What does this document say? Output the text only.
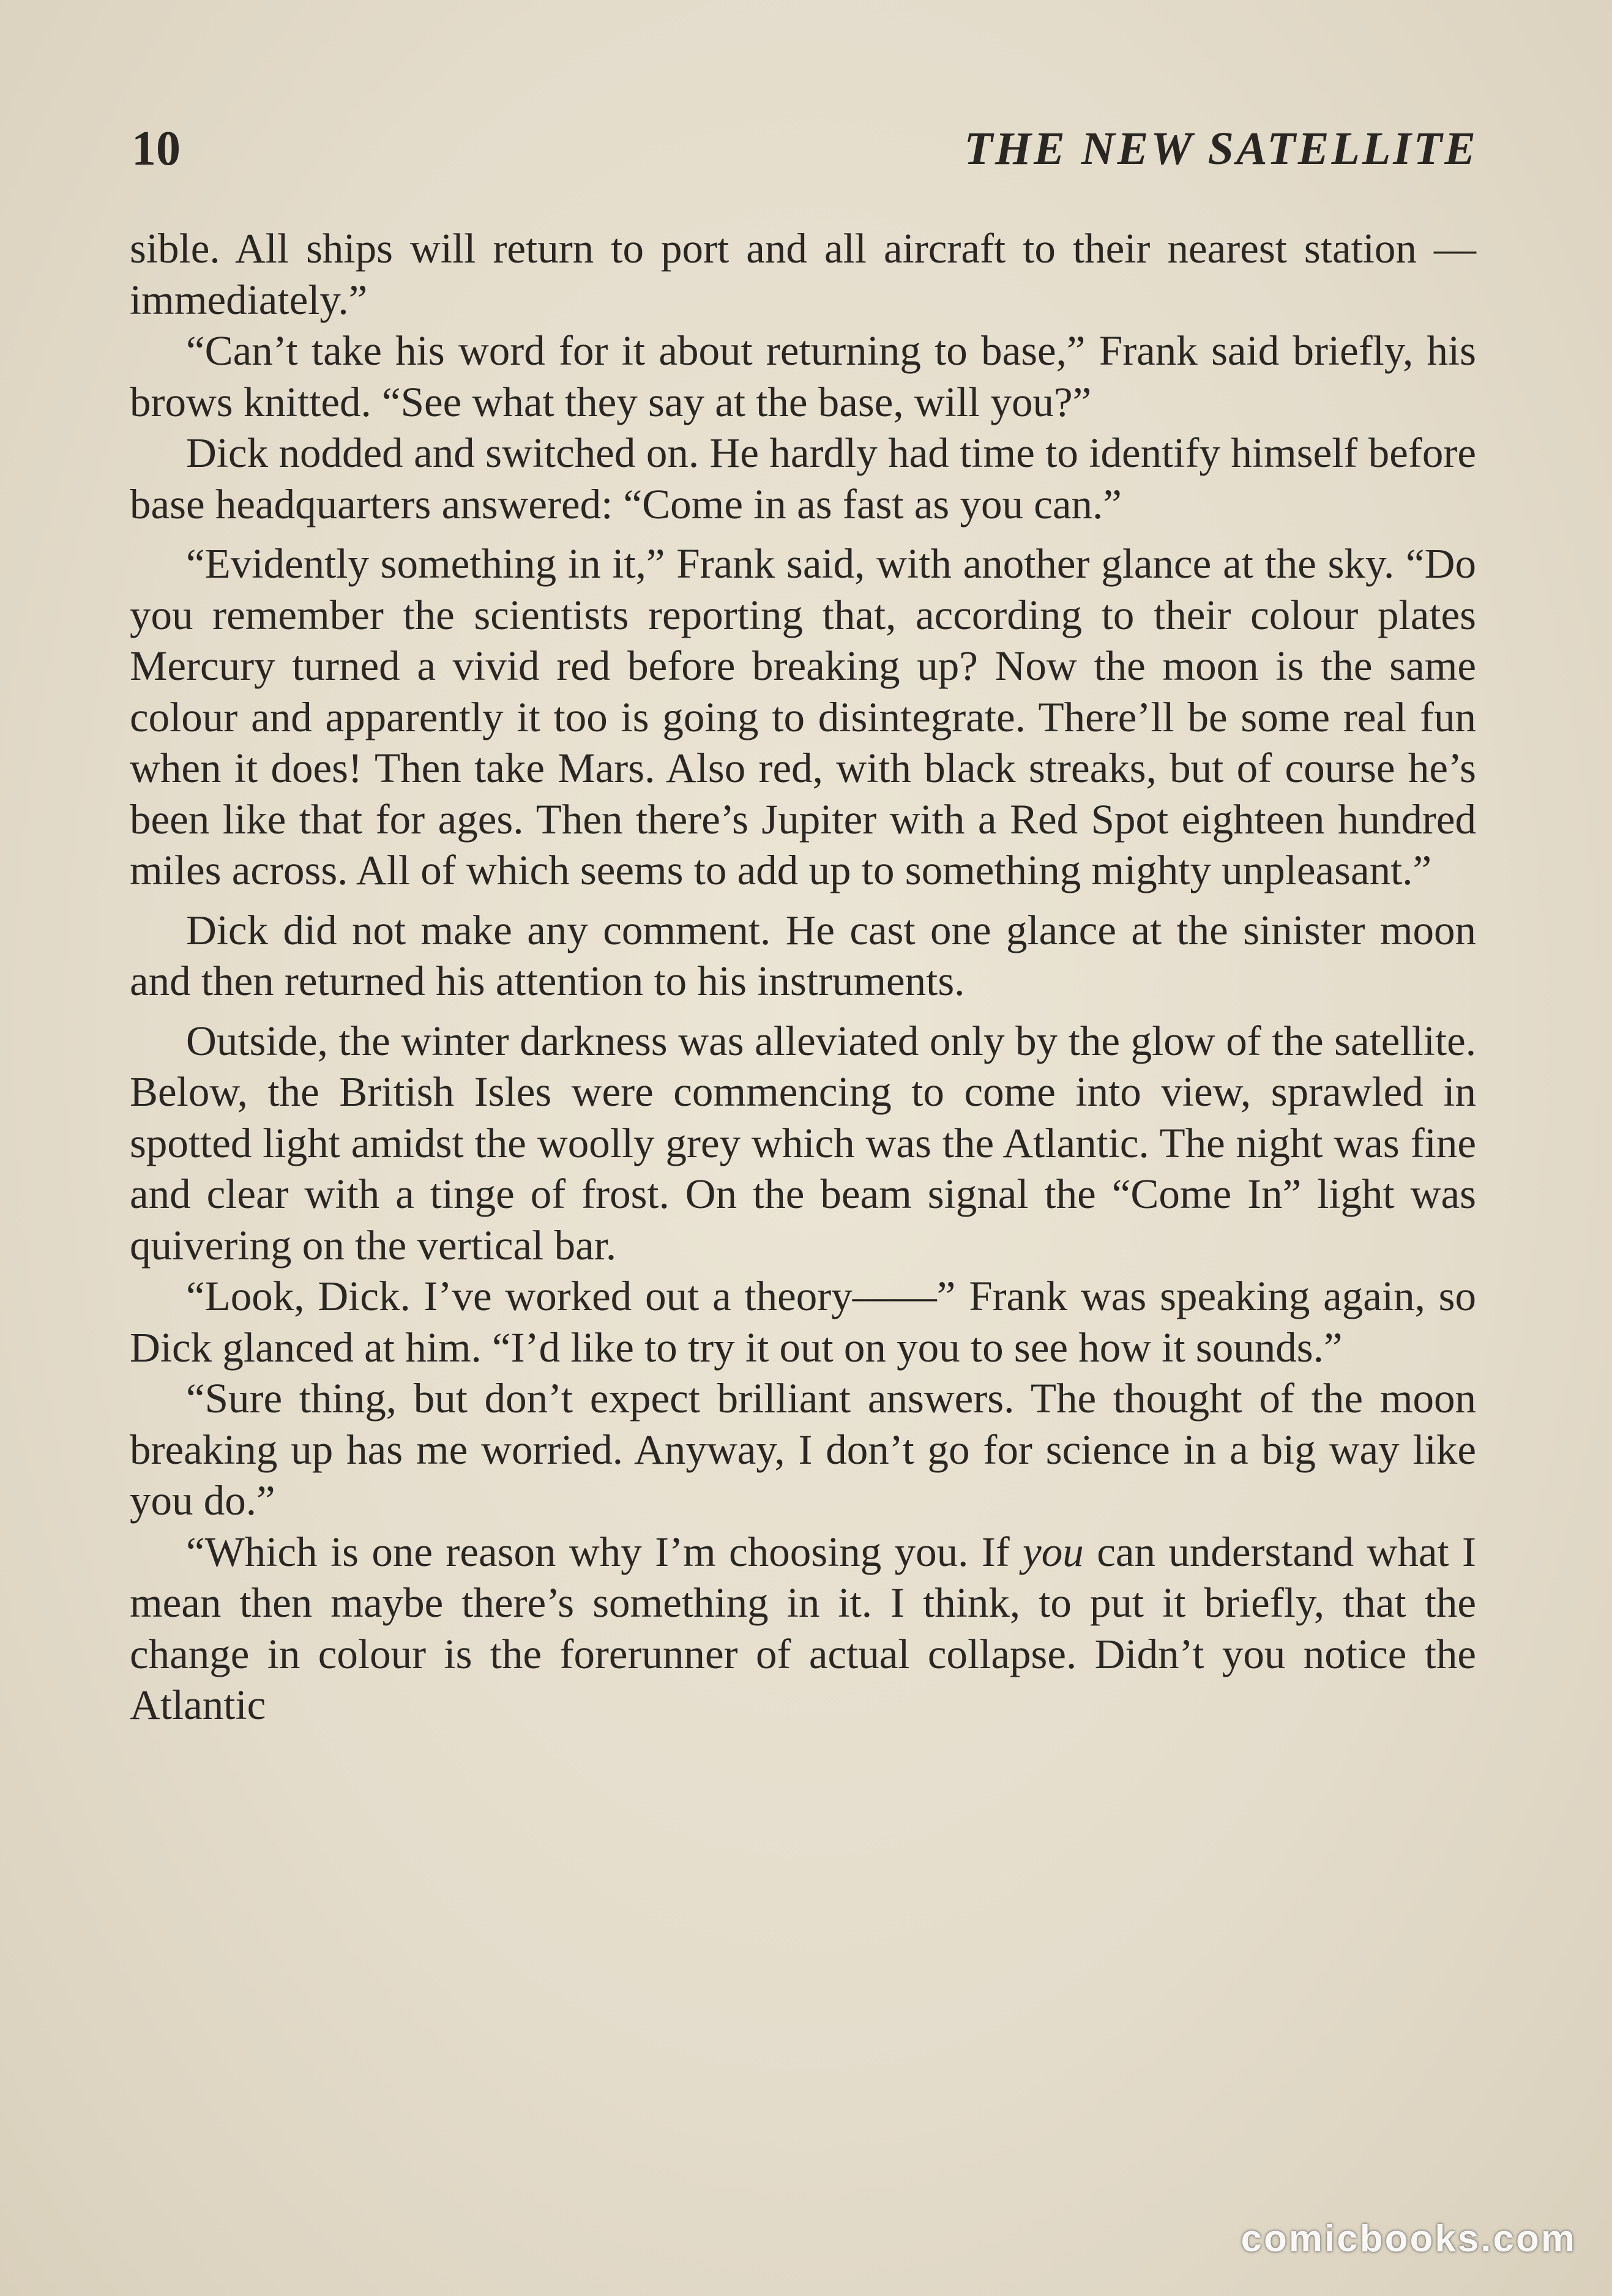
10	THE NEW SATELLITE

sible. All ships will return to port and all aircraft to their nearest station — immediately.”

“Can’t take his word for it about returning to base,” Frank said briefly, his brows knitted. “See what they say at the base, will you?”

Dick nodded and switched on. He hardly had time to identify himself before base headquarters answered: “Come in as fast as you can.”

“Evidently something in it,” Frank said, with another glance at the sky. “Do you remember the scientists reporting that, according to their colour plates Mercury turned a vivid red before breaking up? Now the moon is the same colour and apparently it too is going to disintegrate. There’ll be some real fun when it does! Then take Mars. Also red, with black streaks, but of course he’s been like that for ages. Then there’s Jupiter with a Red Spot eighteen hundred miles across. All of which seems to add up to something mighty unpleasant.”

Dick did not make any comment. He cast one glance at the sinister moon and then returned his attention to his instruments.

Outside, the winter darkness was alleviated only by the glow of the satellite. Below, the British Isles were commencing to come into view, sprawled in spotted light amidst the woolly grey which was the Atlantic. The night was fine and clear with a tinge of frost. On the beam signal the “Come In” light was quivering on the vertical bar.

“Look, Dick. I’ve worked out a theory——” Frank was speaking again, so Dick glanced at him. “I’d like to try it out on you to see how it sounds.”

“Sure thing, but don’t expect brilliant answers. The thought of the moon breaking up has me worried. Anyway, I don’t go for science in a big way like you do.”

“Which is one reason why I’m choosing you. If you can understand what I mean then maybe there’s something in it. I think, to put it briefly, that the change in colour is the forerunner of actual collapse. Didn’t you notice the Atlantic

comicbooks.com
